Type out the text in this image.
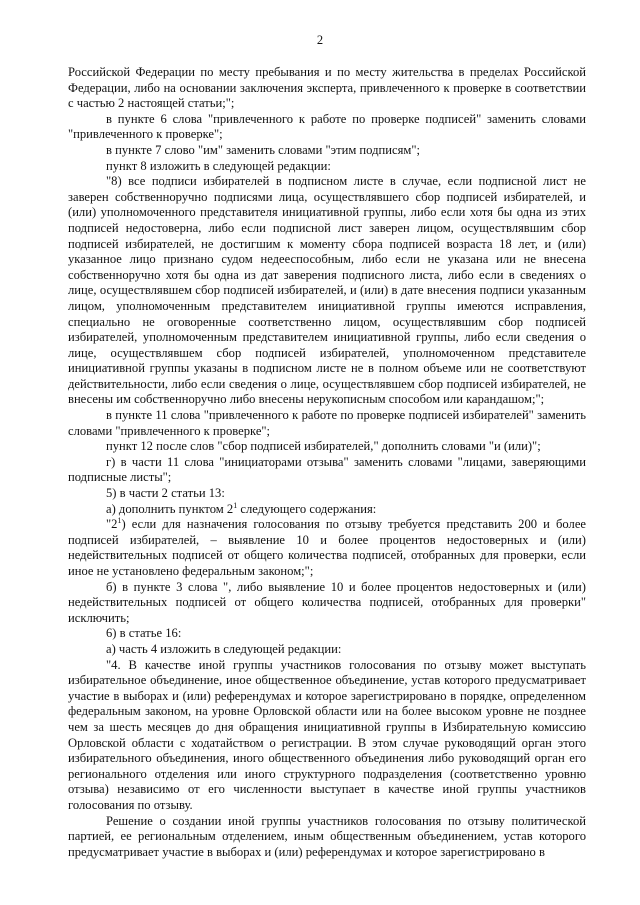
2

Российской Федерации по месту пребывания и по месту жительства в пределах Российской Федерации, либо на основании заключения эксперта, привлеченного к проверке в соответствии с частью 2 настоящей статьи;";

в пункте 6 слова "привлеченного к работе по проверке подписей" заменить словами "привлеченного к проверке";

в пункте 7 слово "им" заменить словами "этим подписям";

пункт 8 изложить в следующей редакции:

"8) все подписи избирателей в подписном листе в случае, если подписной лист не заверен собственноручно подписями лица, осуществлявшего сбор подписей избирателей, и (или) уполномоченного представителя инициативной группы, либо если хотя бы одна из этих подписей недостоверна, либо если подписной лист заверен лицом, осуществлявшим сбор подписей избирателей, не достигшим к моменту сбора подписей возраста 18 лет, и (или) указанное лицо признано судом недееспособным, либо если не указана или не внесена собственноручно хотя бы одна из дат заверения подписного листа, либо если в сведениях о лице, осуществлявшем сбор подписей избирателей, и (или) в дате внесения подписи указанным лицом, уполномоченным представителем инициативной группы имеются исправления, специально не оговоренные соответственно лицом, осуществлявшим сбор подписей избирателей, уполномоченным представителем инициативной группы, либо если сведения о лице, осуществлявшем сбор подписей избирателей, уполномоченном представителе инициативной группы указаны в подписном листе не в полном объеме или не соответствуют действительности, либо если сведения о лице, осуществлявшем сбор подписей избирателей, не внесены им собственноручно либо внесены нерукописным способом или карандашом;";

в пункте 11 слова "привлеченного к работе по проверке подписей избирателей" заменить словами "привлеченного к проверке";

пункт 12 после слов "сбор подписей избирателей," дополнить словами "и (или)";

г) в части 11 слова "инициаторами отзыва" заменить словами "лицами, заверяющими подписные листы";

5) в части 2 статьи 13:

а) дополнить пунктом $2^1$ следующего содержания:

"$2^1$) если для назначения голосования по отзыву требуется представить 200 и более подписей избирателей, – выявление 10 и более процентов недостоверных и (или) недействительных подписей от общего количества подписей, отобранных для проверки, если иное не установлено федеральным законом;";

б) в пункте 3 слова ", либо выявление 10 и более процентов недостоверных и (или) недействительных подписей от общего количества подписей, отобранных для проверки" исключить;

6) в статье 16:

а) часть 4 изложить в следующей редакции:

"4. В качестве иной группы участников голосования по отзыву может выступать избирательное объединение, иное общественное объединение, устав которого предусматривает участие в выборах и (или) референдумах и которое зарегистрировано в порядке, определенном федеральным законом, на уровне Орловской области или на более высоком уровне не позднее чем за шесть месяцев до дня обращения инициативной группы в Избирательную комиссию Орловской области с ходатайством о регистрации. В этом случае руководящий орган этого избирательного объединения, иного общественного объединения либо руководящий орган его регионального отделения или иного структурного подразделения (соответственно уровню отзыва) независимо от его численности выступает в качестве иной группы участников голосования по отзыву.

Решение о создании иной группы участников голосования по отзыву политической партией, ее региональным отделением, иным общественным объединением, устав которого предусматривает участие в выборах и (или) референдумах и которое зарегистрировано в
